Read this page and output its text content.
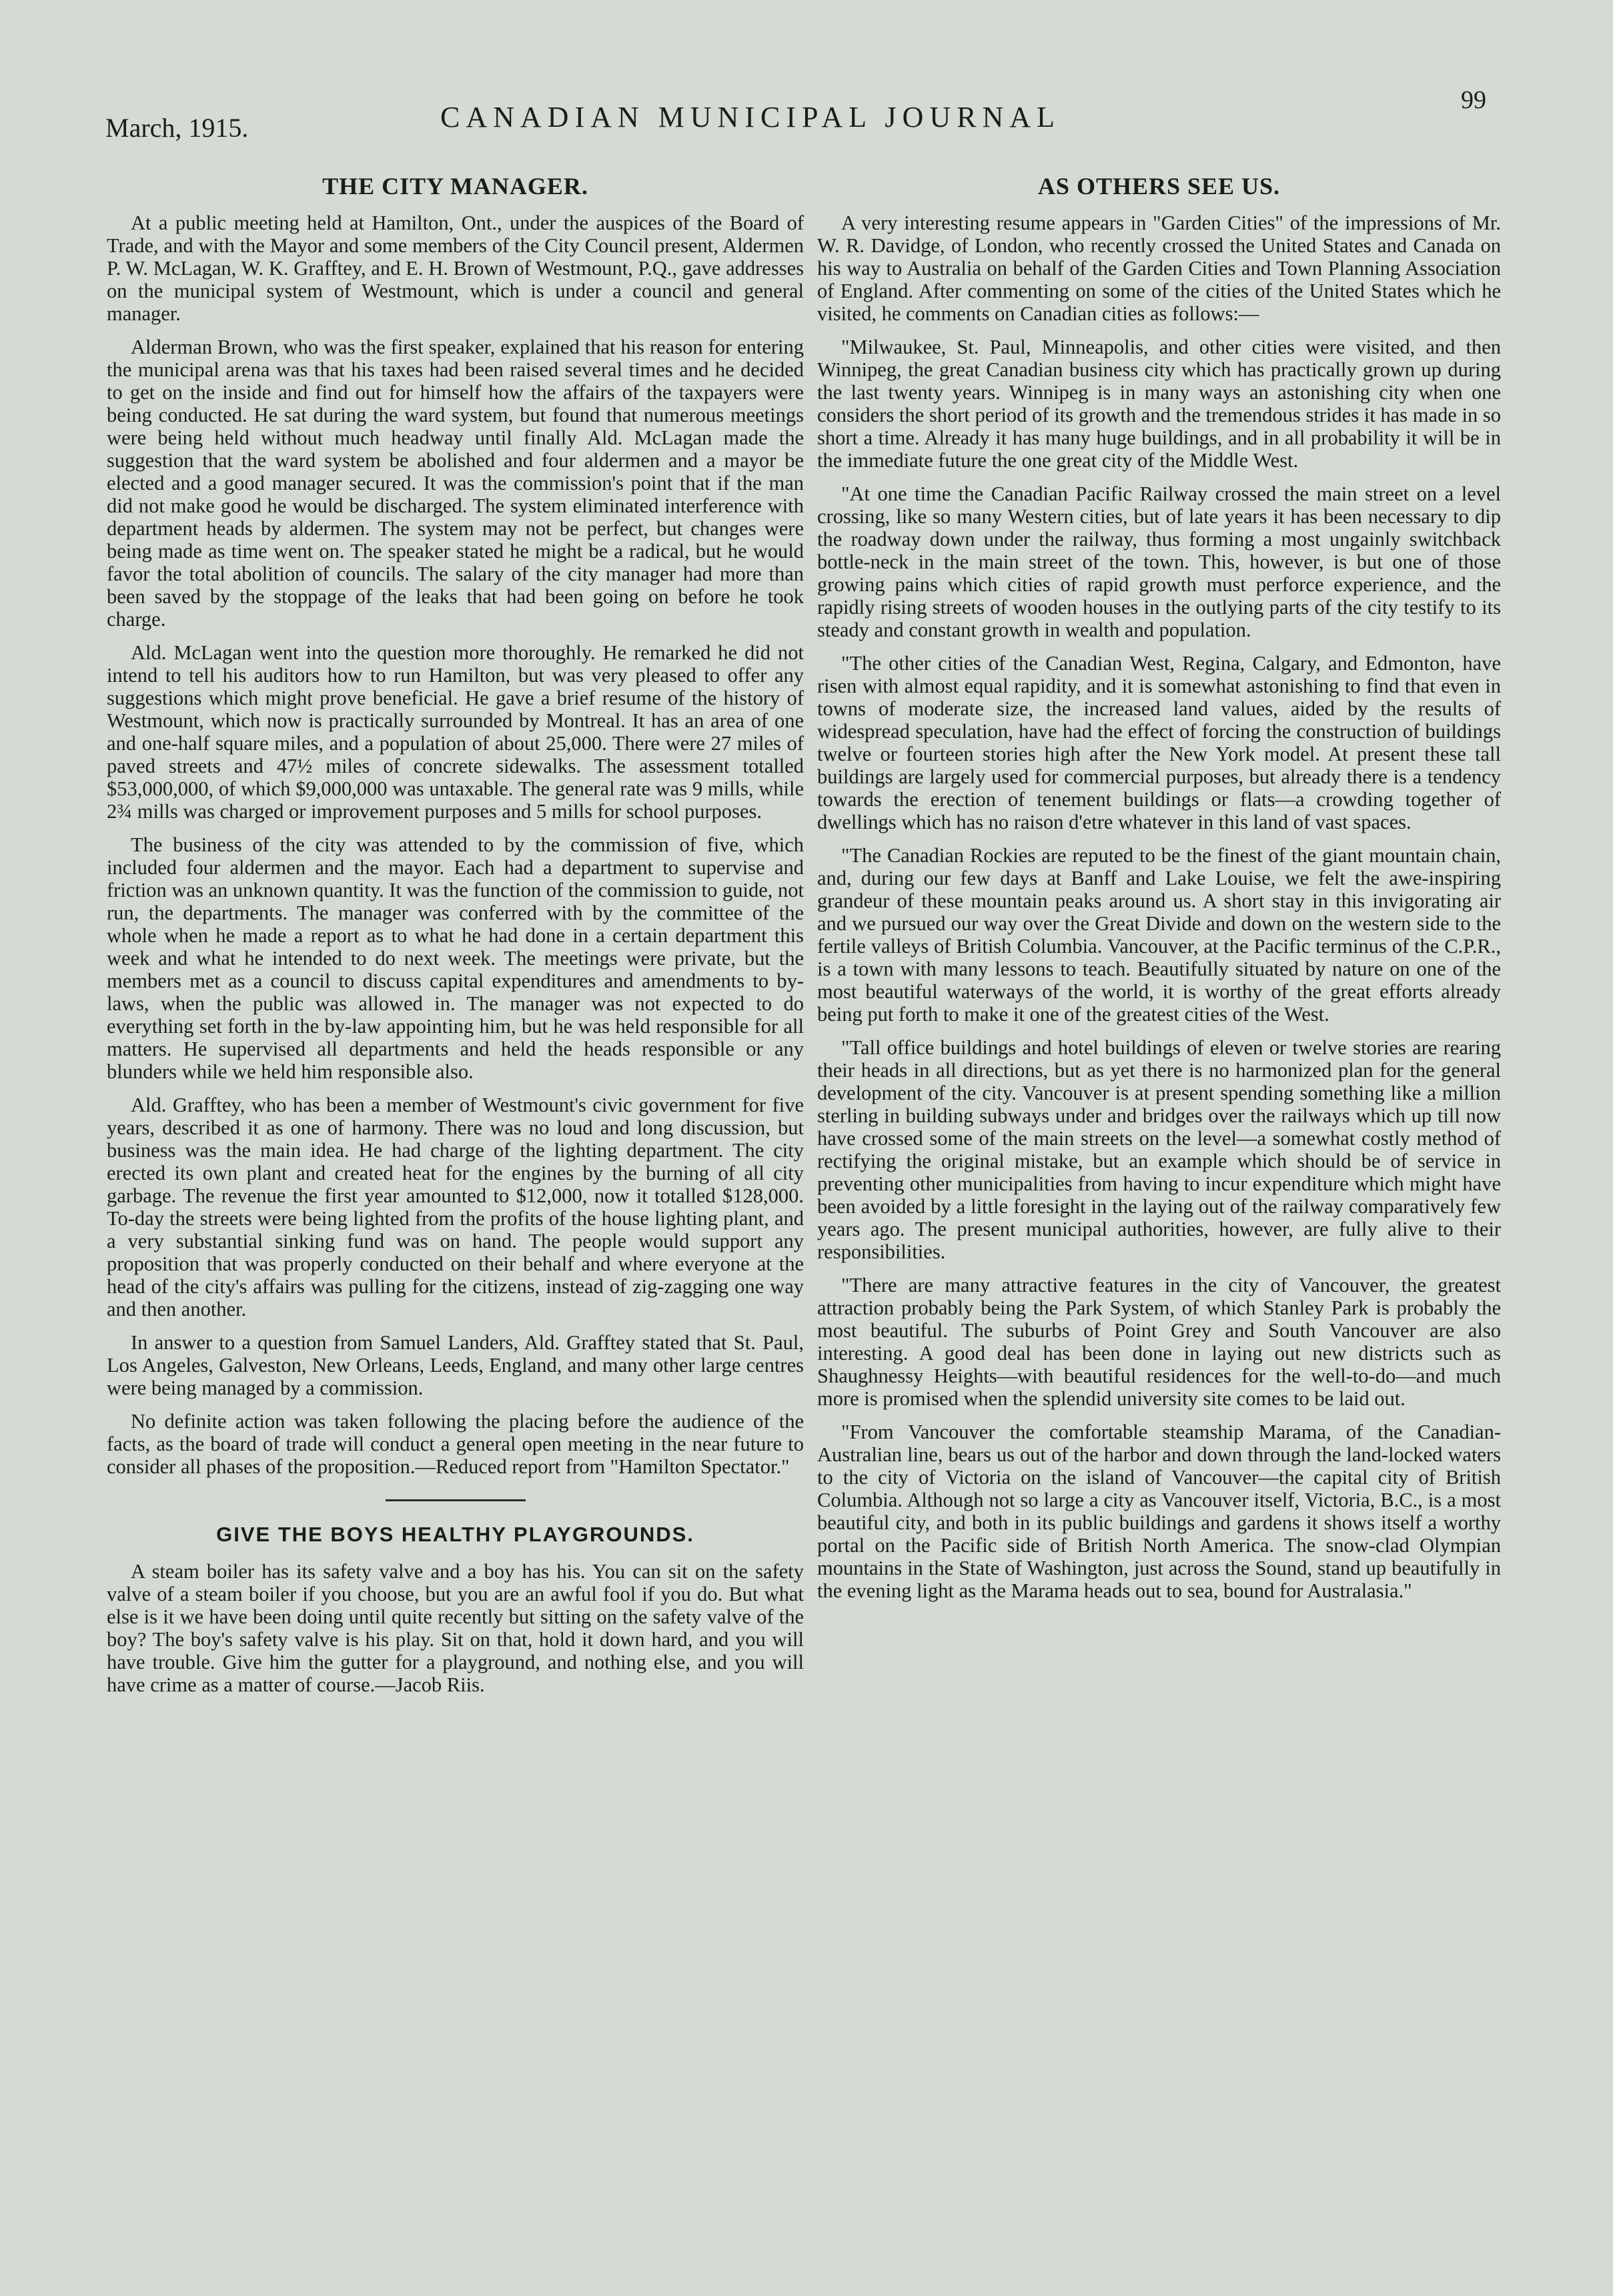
March, 1915.	CANADIAN MUNICIPAL JOURNAL
99
THE CITY MANAGER.

At a public meeting held at Hamilton, Ont., under the auspices of the Board of Trade, and with the Mayor and some members of the City Council present, Aldermen P. W. McLagan, W. K. Grafftey, and E. H. Brown of Westmount, P.Q., gave addresses on the municipal system of Westmount, which is under a council and general manager.

Alderman Brown, who was the first speaker, explained that his reason for entering the municipal arena was that his taxes had been raised several times and he decided to get on the inside and find out for himself how the affairs of the taxpayers were being conducted. He sat during the ward system, but found that numerous meetings were being held without much headway until finally Ald. McLagan made the suggestion that the ward system be abolished and four aldermen and a mayor be elected and a good manager secured. It was the commission's point that if the man did not make good he would be discharged. The system eliminated interference with department heads by aldermen. The system may not be perfect, but changes were being made as time went on. The speaker stated he might be a radical, but he would favor the total abolition of councils. The salary of the city manager had more than been saved by the stoppage of the leaks that had been going on before he took charge.

Ald. McLagan went into the question more thoroughly. He remarked he did not intend to tell his auditors how to run Hamilton, but was very pleased to offer any suggestions which might prove beneficial. He gave a brief resume of the history of Westmount, which now is practically surrounded by Montreal. It has an area of one and one-half square miles, and a population of about 25,000. There were 27 miles of paved streets and 47½ miles of concrete sidewalks. The assessment totalled $53,000,000, of which $9,000,000 was untaxable. The general rate was 9 mills, while 2¾ mills was charged or improvement purposes and 5 mills for school purposes.

The business of the city was attended to by the commission of five, which included four aldermen and the mayor. Each had a department to supervise and friction was an unknown quantity. It was the function of the commission to guide, not run, the departments. The manager was conferred with by the committee of the whole when he made a report as to what he had done in a certain department this week and what he intended to do next week. The meetings were private, but the members met as a council to discuss capital expenditures and amendments to by-laws, when the public was allowed in. The manager was not expected to do everything set forth in the by-law appointing him, but he was held responsible for all matters. He supervised all departments and held the heads responsible or any blunders while we held him responsible also.

Ald. Grafftey, who has been a member of Westmount's civic government for five years, described it as one of harmony. There was no loud and long discussion, but business was the main idea. He had charge of the lighting department. The city erected its own plant and created heat for the engines by the burning of all city garbage. The revenue the first year amounted to $12,000, now it totalled $128,000. To-day the streets were being lighted from the profits of the house lighting plant, and a very substantial sinking fund was on hand. The people would support any proposition that was properly conducted on their behalf and where everyone at the head of the city's affairs was pulling for the citizens, instead of zig-zagging one way and then another.

In answer to a question from Samuel Landers, Ald. Grafftey stated that St. Paul, Los Angeles, Galveston, New Orleans, Leeds, England, and many other large centres were being managed by a commission.

No definite action was taken following the placing before the audience of the facts, as the board of trade will conduct a general open meeting in the near future to consider all phases of the proposition.—Reduced report from "Hamilton Spectator."

GIVE THE BOYS HEALTHY PLAYGROUNDS.

A steam boiler has its safety valve and a boy has his. You can sit on the safety valve of a steam boiler if you choose, but you are an awful fool if you do. But what else is it we have been doing until quite recently but sitting on the safety valve of the boy? The boy's safety valve is his play. Sit on that, hold it down hard, and you will have trouble. Give him the gutter for a playground, and nothing else, and you will have crime as a matter of course.—Jacob Riis.

AS OTHERS SEE US.

A very interesting resume appears in "Garden Cities" of the impressions of Mr. W. R. Davidge, of London, who recently crossed the United States and Canada on his way to Australia on behalf of the Garden Cities and Town Planning Association of England. After commenting on some of the cities of the United States which he visited, he comments on Canadian cities as follows:—

"Milwaukee, St. Paul, Minneapolis, and other cities were visited, and then Winnipeg, the great Canadian business city which has practically grown up during the last twenty years. Winnipeg is in many ways an astonishing city when one considers the short period of its growth and the tremendous strides it has made in so short a time. Already it has many huge buildings, and in all probability it will be in the immediate future the one great city of the Middle West.

"At one time the Canadian Pacific Railway crossed the main street on a level crossing, like so many Western cities, but of late years it has been necessary to dip the roadway down under the railway, thus forming a most ungainly switchback bottle-neck in the main street of the town. This, however, is but one of those growing pains which cities of rapid growth must perforce experience, and the rapidly rising streets of wooden houses in the outlying parts of the city testify to its steady and constant growth in wealth and population.

"The other cities of the Canadian West, Regina, Calgary, and Edmonton, have risen with almost equal rapidity, and it is somewhat astonishing to find that even in towns of moderate size, the increased land values, aided by the results of widespread speculation, have had the effect of forcing the construction of buildings twelve or fourteen stories high after the New York model. At present these tall buildings are largely used for commercial purposes, but already there is a tendency towards the erection of tenement buildings or flats—a crowding together of dwellings which has no raison d'etre whatever in this land of vast spaces.

"The Canadian Rockies are reputed to be the finest of the giant mountain chain, and, during our few days at Banff and Lake Louise, we felt the awe-inspiring grandeur of these mountain peaks around us. A short stay in this invigorating air and we pursued our way over the Great Divide and down on the western side to the fertile valleys of British Columbia. Vancouver, at the Pacific terminus of the C.P.R., is a town with many lessons to teach. Beautifully situated by nature on one of the most beautiful waterways of the world, it is worthy of the great efforts already being put forth to make it one of the greatest cities of the West.

"Tall office buildings and hotel buildings of eleven or twelve stories are rearing their heads in all directions, but as yet there is no harmonized plan for the general development of the city. Vancouver is at present spending something like a million sterling in building subways under and bridges over the railways which up till now have crossed some of the main streets on the level—a somewhat costly method of rectifying the original mistake, but an example which should be of service in preventing other municipalities from having to incur expenditure which might have been avoided by a little foresight in the laying out of the railway comparatively few years ago. The present municipal authorities, however, are fully alive to their responsibilities.

"There are many attractive features in the city of Vancouver, the greatest attraction probably being the Park System, of which Stanley Park is probably the most beautiful. The suburbs of Point Grey and South Vancouver are also interesting. A good deal has been done in laying out new districts such as Shaughnessy Heights—with beautiful residences for the well-to-do—and much more is promised when the splendid university site comes to be laid out.

"From Vancouver the comfortable steamship Marama, of the Canadian-Australian line, bears us out of the harbor and down through the land-locked waters to the city of Victoria on the island of Vancouver—the capital city of British Columbia. Although not so large a city as Vancouver itself, Victoria, B.C., is a most beautiful city, and both in its public buildings and gardens it shows itself a worthy portal on the Pacific side of British North America. The snow-clad Olympian mountains in the State of Washington, just across the Sound, stand up beautifully in the evening light as the Marama heads out to sea, bound for Australasia."
